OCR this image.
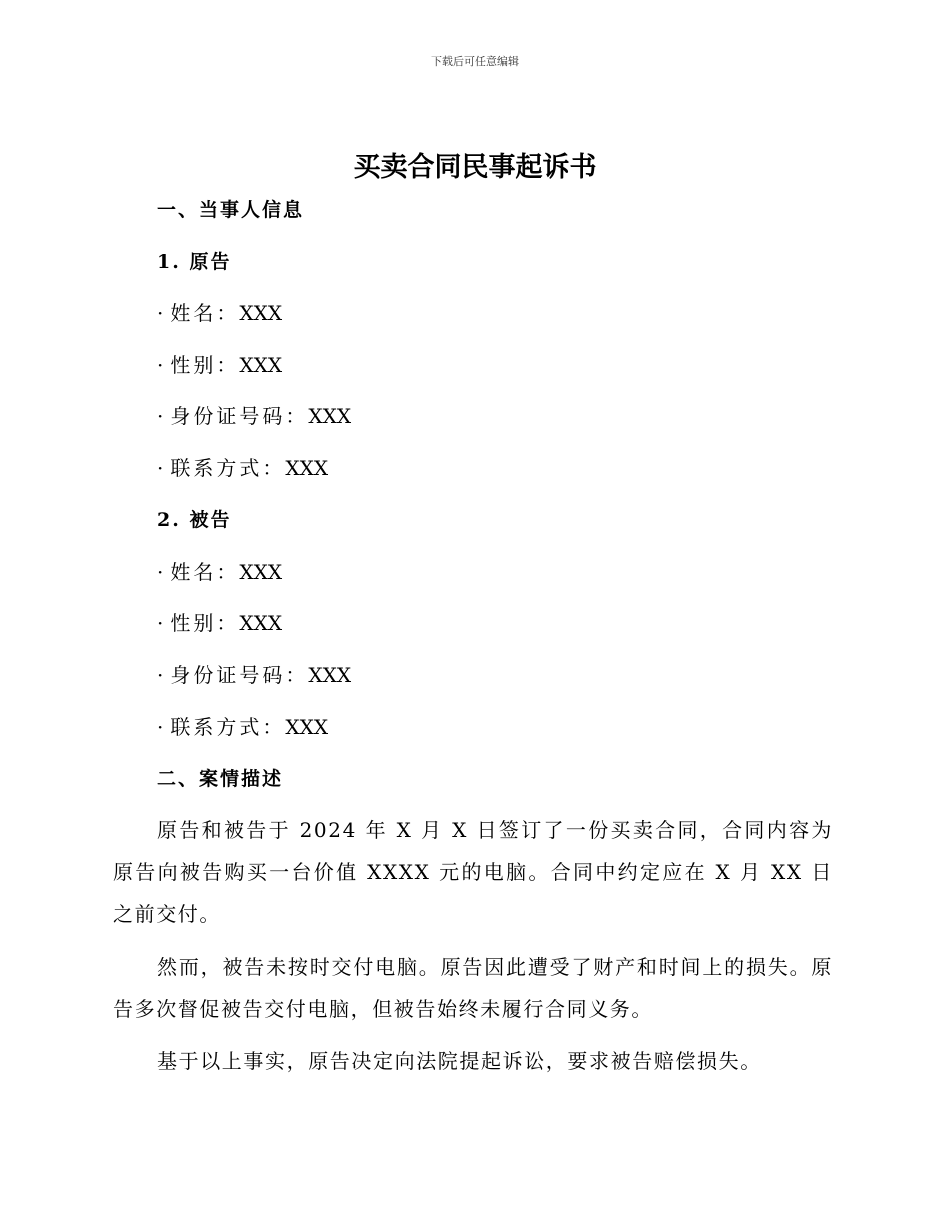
下载后可任意编辑
买卖合同民事起诉书
一、当事人信息
1. 原告
· 姓名：XXX
· 性别：XXX
· 身份证号码：XXX
· 联系方式：XXX
2. 被告
· 姓名：XXX
· 性别：XXX
· 身份证号码：XXX
· 联系方式：XXX
二、案情描述

原告和被告于 2024 年 X 月 X 日签订了一份买卖合同，合同内容为原告向被告购买一台价值 XXXX 元的电脑。合同中约定应在 X 月 XX 日之前交付。

然而，被告未按时交付电脑。原告因此遭受了财产和时间上的损失。原告多次督促被告交付电脑，但被告始终未履行合同义务。

基于以上事实，原告决定向法院提起诉讼，要求被告赔偿损失。
